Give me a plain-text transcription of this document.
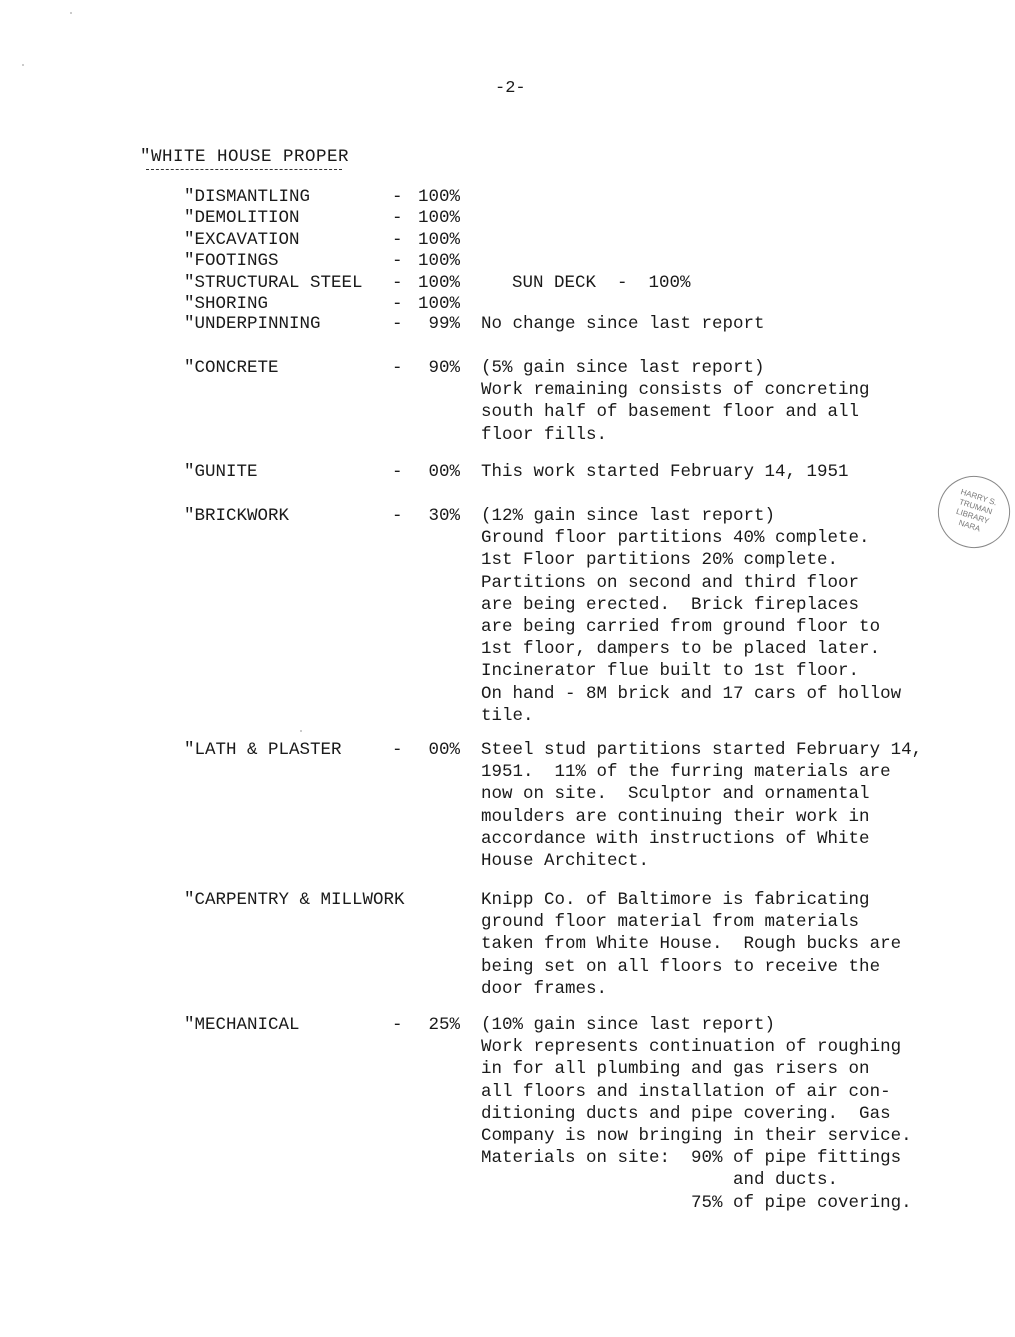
-2-
"WHITE HOUSE PROPER
"DISMANTLING	- 100%
"DEMOLITION	- 100%
"EXCAVATION	- 100%
"FOOTINGS	- 100%
"STRUCTURAL STEEL - 100%	SUN DECK  -  100%
"SHORING	- 100%
"UNDERPINNING	-	99% No change since last report
"CONCRETE	-	90% (5% gain since last report)
Work remaining consists of concreting
south half of basement floor and all
floor fills.
"GUNITE	-	00% This work started February 14, 1951
"BRICKWORK	-	30% (12% gain since last report)
Ground floor partitions 40% complete.
1st Floor partitions 20% complete.
Partitions on second and third floor
are being erected.  Brick fireplaces
are being carried from ground floor to
1st floor, dampers to be placed later.
Incinerator flue built to 1st floor.
On hand - 8M brick and 17 cars of hollow
tile.
"LATH & PLASTER	-	00% Steel stud partitions started February 14,
1951.  11% of the furring materials are
now on site.  Sculptor and ornamental
moulders are continuing their work in
accordance with instructions of White
House Architect.
"CARPENTRY & MILLWORK	Knipp Co. of Baltimore is fabricating
ground floor material from materials
taken from White House.  Rough bucks are
being set on all floors to receive the
door frames.
"MECHANICAL	-	25% (10% gain since last report)
Work represents continuation of roughing
in for all plumbing and gas risers on
all floors and installation of air con-
ditioning ducts and pipe covering.  Gas
Company is now bringing in their service.
Materials on site:  90% of pipe fittings
and ducts.
75% of pipe covering.
HARRY S. TRUMAN LIBRARY NARA
